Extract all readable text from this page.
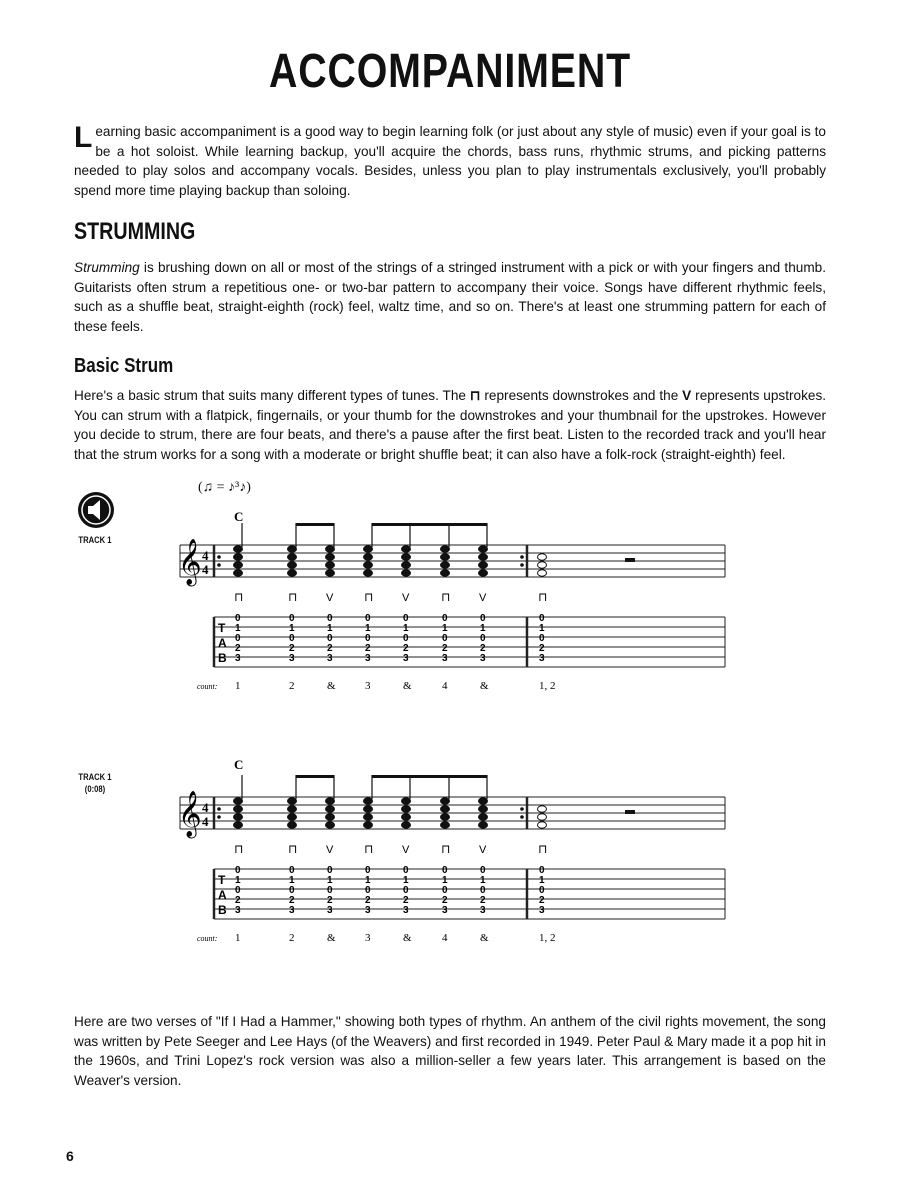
ACCOMPANIMENT

Learning basic accompaniment is a good way to begin learning folk (or just about any style of music) even if your goal is to be a hot soloist. While learning backup, you'll acquire the chords, bass runs, rhythmic strums, and picking patterns needed to play solos and accompany vocals. Besides, unless you plan to play instrumentals exclusively, you'll probably spend more time playing backup than soloing.

STRUMMING

Strumming is brushing down on all or most of the strings of a stringed instrument with a pick or with your fingers and thumb. Guitarists often strum a repetitious one- or two-bar pattern to accompany their voice. Songs have different rhythmic feels, such as a shuffle beat, straight-eighth (rock) feel, waltz time, and so on. There's at least one strumming pattern for each of these feels.

Basic Strum

Here's a basic strum that suits many different types of tunes. The ⊓ represents downstrokes and the V represents upstrokes. You can strum with a flatpick, fingernails, or your thumb for the downstrokes and your thumbnail for the upstrokes. However you decide to strum, there are four beats, and there's a pause after the first beat. Listen to the recorded track and you'll hear that the strum works for a song with a moderate or bright shuffle beat; it can also have a folk-rock (straight-eighth) feel.

TRACK 1
(♫ = ♪³♪)
𝄞 4
4
C
⊓	⊓	V	⊓	V	⊓	V	⊓
T
A
B
0
1
0
2
3
0
1
0
2
3
0
1
0
2
3
0
1
0
2
3
0
1
0
2
3
0
1
0
2
3
0
1
0
2
3
0
1
0
2
3
count: 1	2	&	3	&	4	&	1, 2
TRACK 1
(0:08)
𝄞 4
4
C
⊓	⊓	V	⊓	V	⊓	V	⊓
T
A
B
0
1
0
2
3
0
1
0
2
3
0
1
0
2
3
0
1
0
2
3
0
1
0
2
3
0
1
0
2
3
0
1
0
2
3
0
1
0
2
3
count: 1	2	&	3	&	4	&	1, 2

Here are two verses of "If I Had a Hammer," showing both types of rhythm. An anthem of the civil rights movement, the song was written by Pete Seeger and Lee Hays (of the Weavers) and first recorded in 1949. Peter Paul & Mary made it a pop hit in the 1960s, and Trini Lopez's rock version was also a million-seller a few years later. This arrangement is based on the Weaver's version.

6
